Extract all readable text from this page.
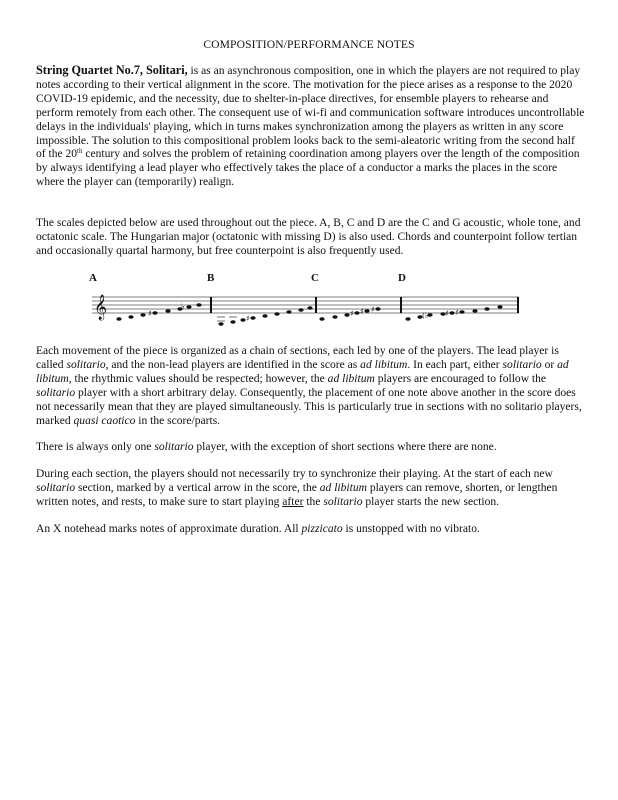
COMPOSITION/PERFORMANCE NOTES
String Quartet No.7, Solitari, is as an asynchronous composition, one in which the players are not required to play notes according to their vertical alignment in the score. The motivation for the piece arises as a response to the 2020 COVID-19 epidemic, and the necessity, due to shelter-in-place directives, for ensemble players to rehearse and perform remotely from each other. The consequent use of wi-fi and communication software introduces uncontrollable delays in the individuals' playing, which in turns makes synchronization among the players as written in any score impossible. The solution to this compositional problem looks back to the semi-aleatoric writing from the second half of the 20th century and solves the problem of retaining coordination among players over the length of the composition by always identifying a lead player who effectively takes the place of a conductor a marks the places in the score where the player can (temporarily) realign.
The scales depicted below are used throughout out the piece. A, B, C and D are the C and G acoustic, whole tone, and octatonic scale. The Hungarian major (octatonic with missing D) is also used. Chords and counterpoint follow tertian and occasionally quartal harmony, but free counterpoint is also frequently used.
A	B	C	D
𝄞	♯
♭
♯
♯ ♯ ♯
( ♭ ♯ ♯
Each movement of the piece is organized as a chain of sections, each led by one of the players. The lead player is called solitario, and the non-lead players are identified in the score as ad libitum. In each part, either solitario or ad libitum, the rhythmic values should be respected; however, the ad libitum players are encouraged to follow the solitario player with a short arbitrary delay. Consequently, the placement of one note above another in the score does not necessarily mean that they are played simultaneously. This is particularly true in sections with no solitario players, marked quasi caotico in the score/parts.
There is always only one solitario player, with the exception of short sections where there are none.
During each section, the players should not necessarily try to synchronize their playing. At the start of each new solitario section, marked by a vertical arrow in the score, the ad libitum players can remove, shorten, or lengthen written notes, and rests, to make sure to start playing after the solitario player starts the new section.
An X notehead marks notes of approximate duration. All pizzicato is unstopped with no vibrato.
